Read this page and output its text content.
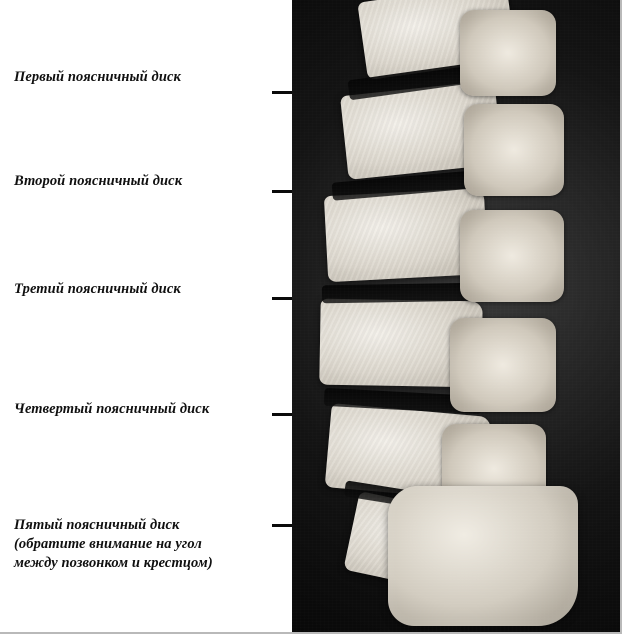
Первый поясничный диск
Второй поясничный диск
Третий поясничный диск
Четвертый поясничный диск
Пятый поясничный диск
(обратите внимание на угол
между позвонком и крестцом)
